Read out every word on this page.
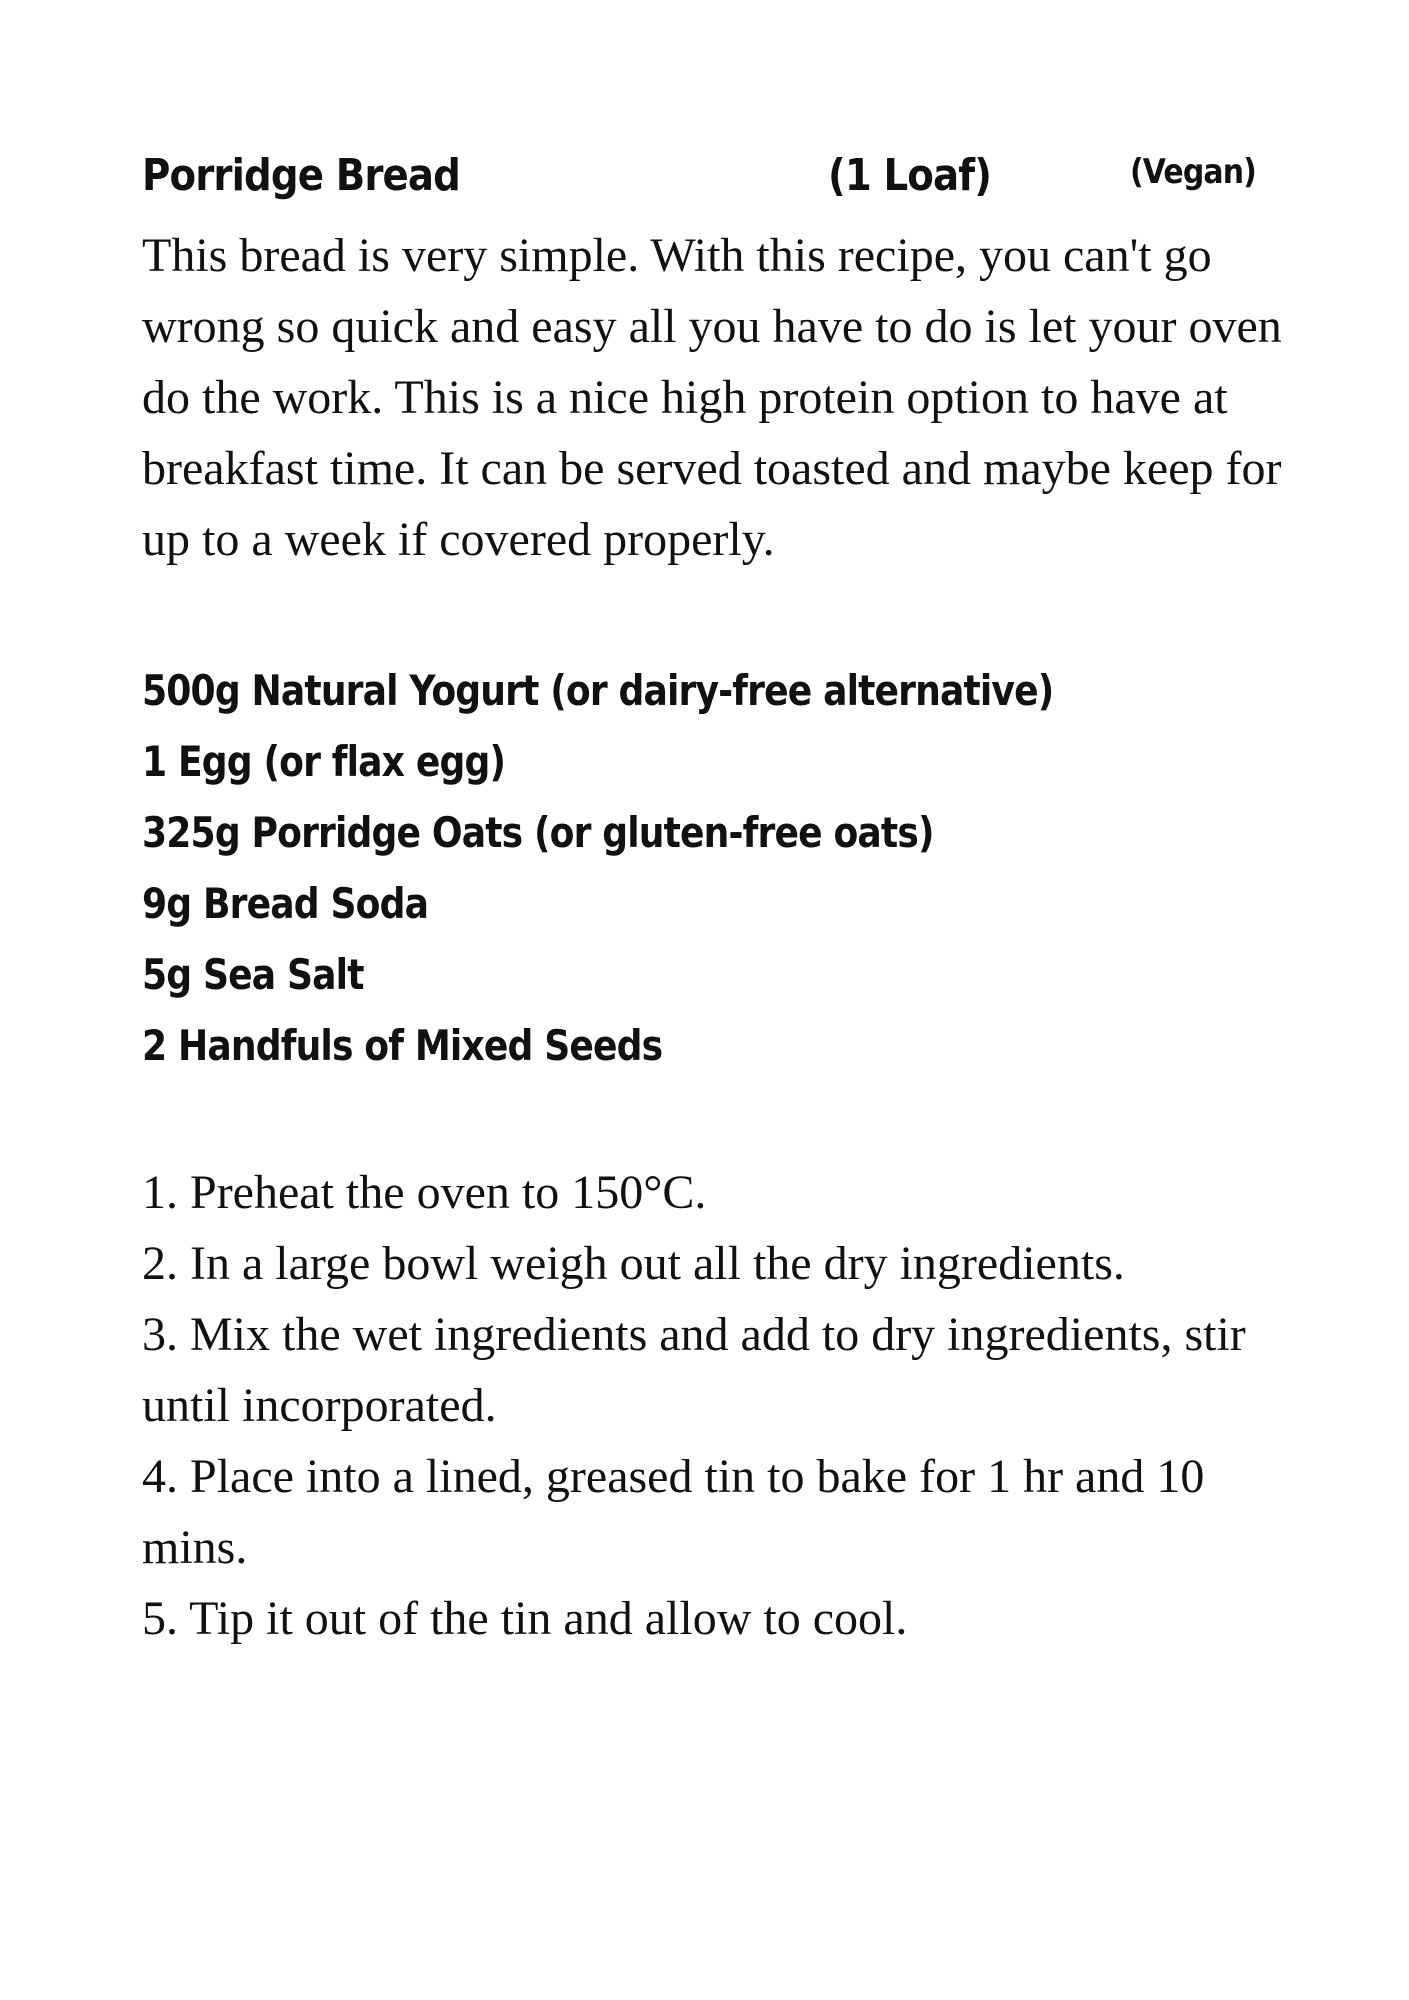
Porridge Bread	(1 Loaf)	(Vegan)

This bread is very simple. With this recipe, you can't go wrong so quick and easy all you have to do is let your oven do the work. This is a nice high protein option to have at breakfast time. It can be served toasted and maybe keep for up to a week if covered properly.

500g Natural Yogurt (or dairy-free alternative)
1 Egg (or flax egg)
325g Porridge Oats (or gluten-free oats)
9g Bread Soda
5g Sea Salt
2 Handfuls of Mixed Seeds
1. Preheat the oven to 150°C.
2. In a large bowl weigh out all the dry ingredients.
3. Mix the wet ingredients and add to dry ingredients, stir until incorporated.
4. Place into a lined, greased tin to bake for 1 hr and 10 mins.
5. Tip it out of the tin and allow to cool.
